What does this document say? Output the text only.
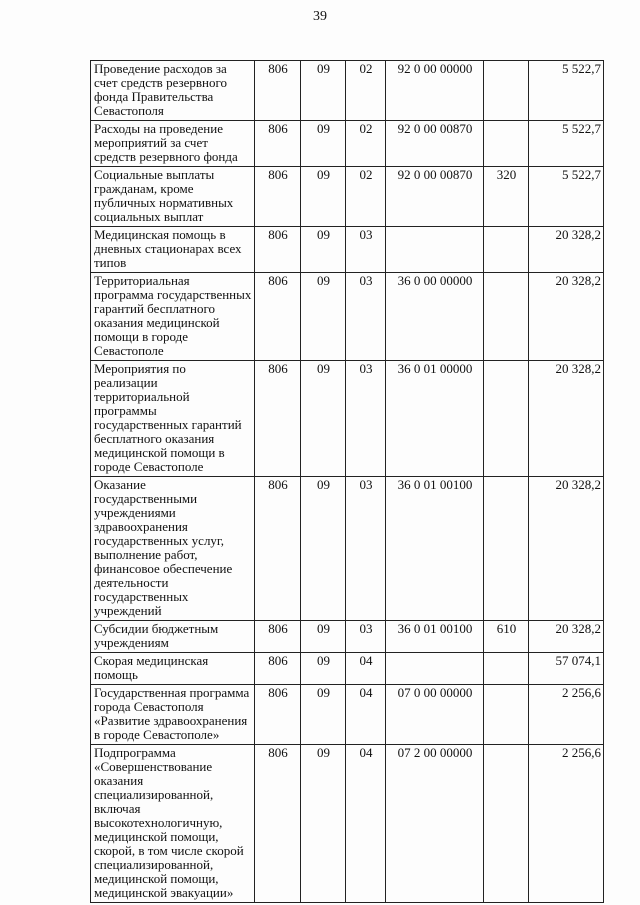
39
Проведение расходов за счет средств резервного фонда Правительства Севастополя	806	09	02	92 0 00 00000		5 522,7
Расходы на проведение мероприятий за счет средств резервного фонда	806	09	02	92 0 00 00870		5 522,7
Социальные выплаты гражданам, кроме публичных нормативных социальных выплат	806	09	02	92 0 00 00870	320	5 522,7
Медицинская помощь в дневных стационарах всех типов	806	09	03			20 328,2
Территориальная программа государственных гарантий бесплатного оказания медицинской помощи в городе Севастополе	806	09	03	36 0 00 00000		20 328,2
Мероприятия по реализации территориальной программы государственных гарантий бесплатного оказания медицинской помощи в городе Севастополе	806	09	03	36 0 01 00000		20 328,2
Оказание государственными учреждениями здравоохранения государственных услуг, выполнение работ, финансовое обеспечение деятельности государственных учреждений	806	09	03	36 0 01 00100		20 328,2
Субсидии бюджетным учреждениям	806	09	03	36 0 01 00100	610	20 328,2
Скорая медицинская помощь	806	09	04			57 074,1
Государственная программа города Севастополя «Развитие здравоохранения в городе Севастополе»	806	09	04	07 0 00 00000		2 256,6
Подпрограмма «Совершенствование оказания специализированной, включая высокотехнологичную, медицинской помощи, скорой, в том числе скорой специализированной, медицинской помощи, медицинской эвакуации»	806	09	04	07 2 00 00000		2 256,6
